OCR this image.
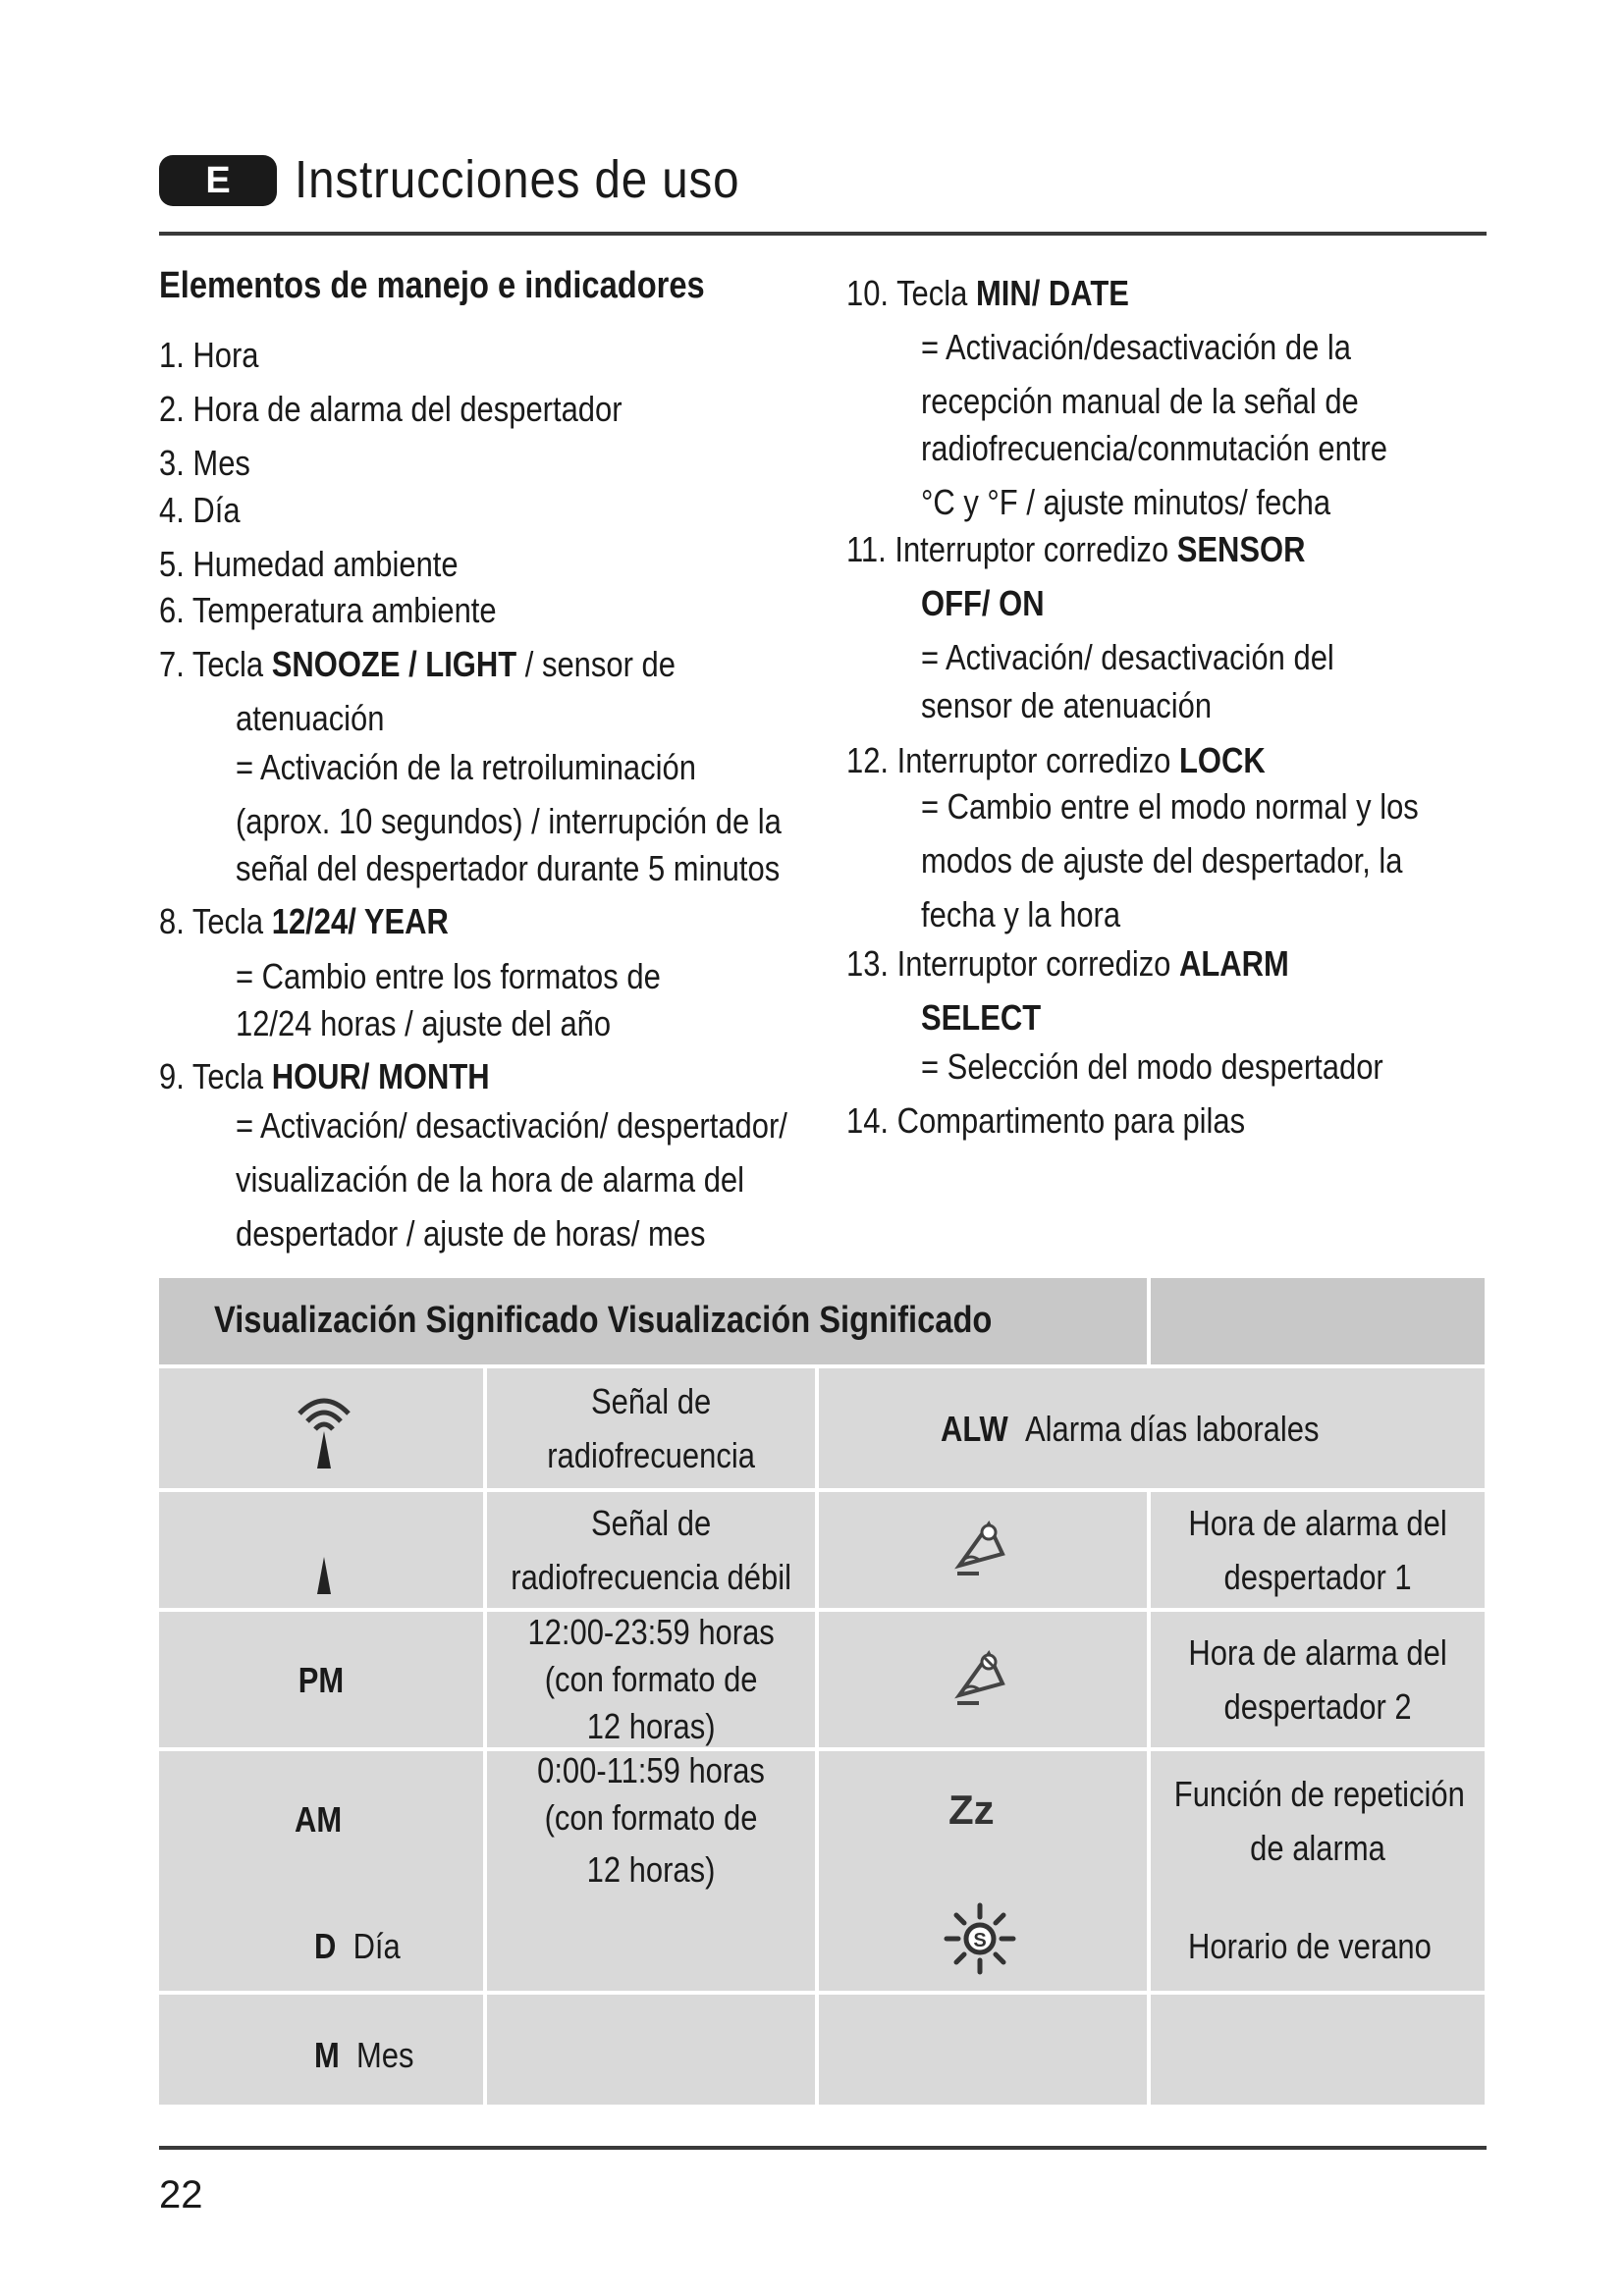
E	Instrucciones de uso
Elementos de manejo e indicadores
1. Hora
2. Hora de alarma del despertador
3. Mes
4. Día
5. Humedad ambiente
6. Temperatura ambiente
7. Tecla SNOOZE / LIGHT / sensor de
atenuación
= Activación de la retroiluminación
(aprox. 10 segundos) / interrupción de la
señal del despertador durante 5 minutos
8. Tecla 12/24/ YEAR
= Cambio entre los formatos de
12/24 horas / ajuste del año
9. Tecla HOUR/ MONTH
= Activación/ desactivación/ despertador/
visualización de la hora de alarma del
despertador / ajuste de horas/ mes
10. Tecla MIN/ DATE
= Activación/desactivación de la
recepción manual de la señal de
radiofrecuencia/conmutación entre
°C y °F / ajuste minutos/ fecha
11. Interruptor corredizo SENSOR
OFF/ ON
= Activación/ desactivación del
sensor de atenuación
12. Interruptor corredizo LOCK
= Cambio entre el modo normal y los
modos de ajuste del despertador, la
fecha y la hora
13. Interruptor corredizo ALARM
SELECT
= Selección del modo despertador
14. Compartimento para pilas
Señal de
radiofrecuencia
ALW Alarma días laborales
Señal de
radiofrecuencia débil
Hora de alarma del
despertador 1
PM
12:00-23:59 horas
(con formato de
12 horas)
Hora de alarma del
despertador 2
Visualización Significado Visualización Significado
AM
0:00-11:59 horas
(con formato de
12 horas)
Función de repetición
de alarma
Zz
D Día	Horario de verano
M Mes
S
22
